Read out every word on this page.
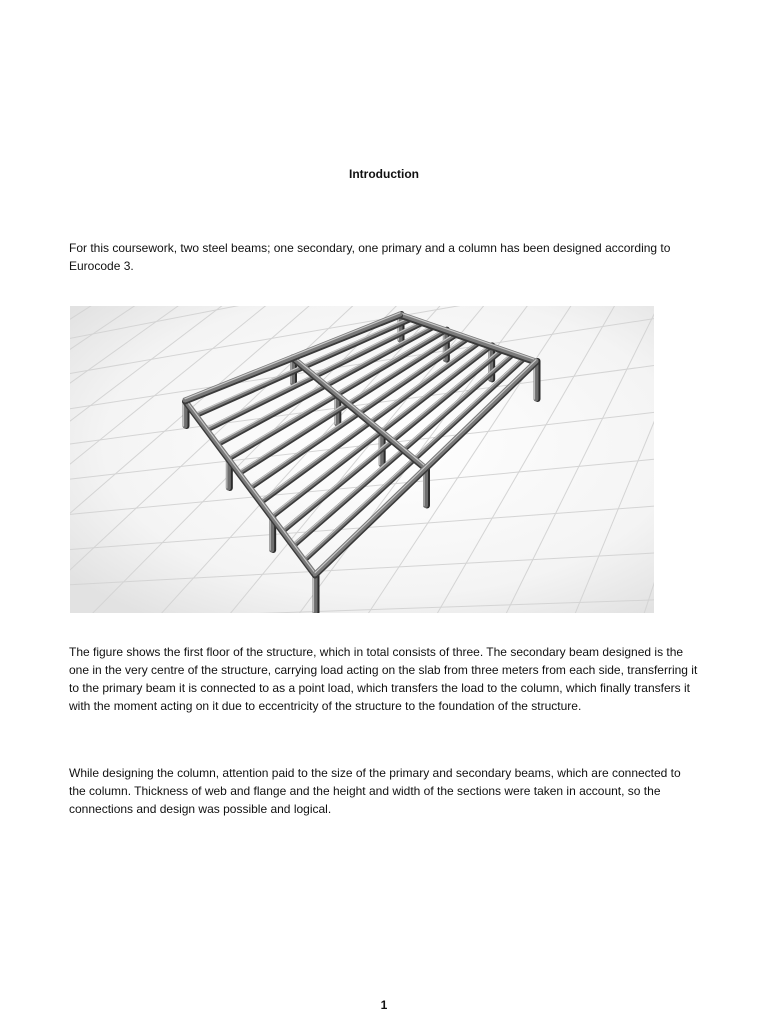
Introduction

For this coursework, two steel beams; one secondary, one primary and a column has been designed according to Eurocode 3.

The figure shows the first floor of the structure, which in total consists of three. The secondary beam designed is the one in the very centre of the structure, carrying load acting on the slab from three meters from each side, transferring it to the primary beam it is connected to as a point load, which transfers the load to the column, which finally transfers it with the moment acting on it due to eccentricity of the structure to the foundation of the structure.

While designing the column, attention paid to the size of the primary and secondary beams, which are connected to the column. Thickness of web and flange and the height and width of the sections were taken in account, so the connections and design was possible and logical.

1
